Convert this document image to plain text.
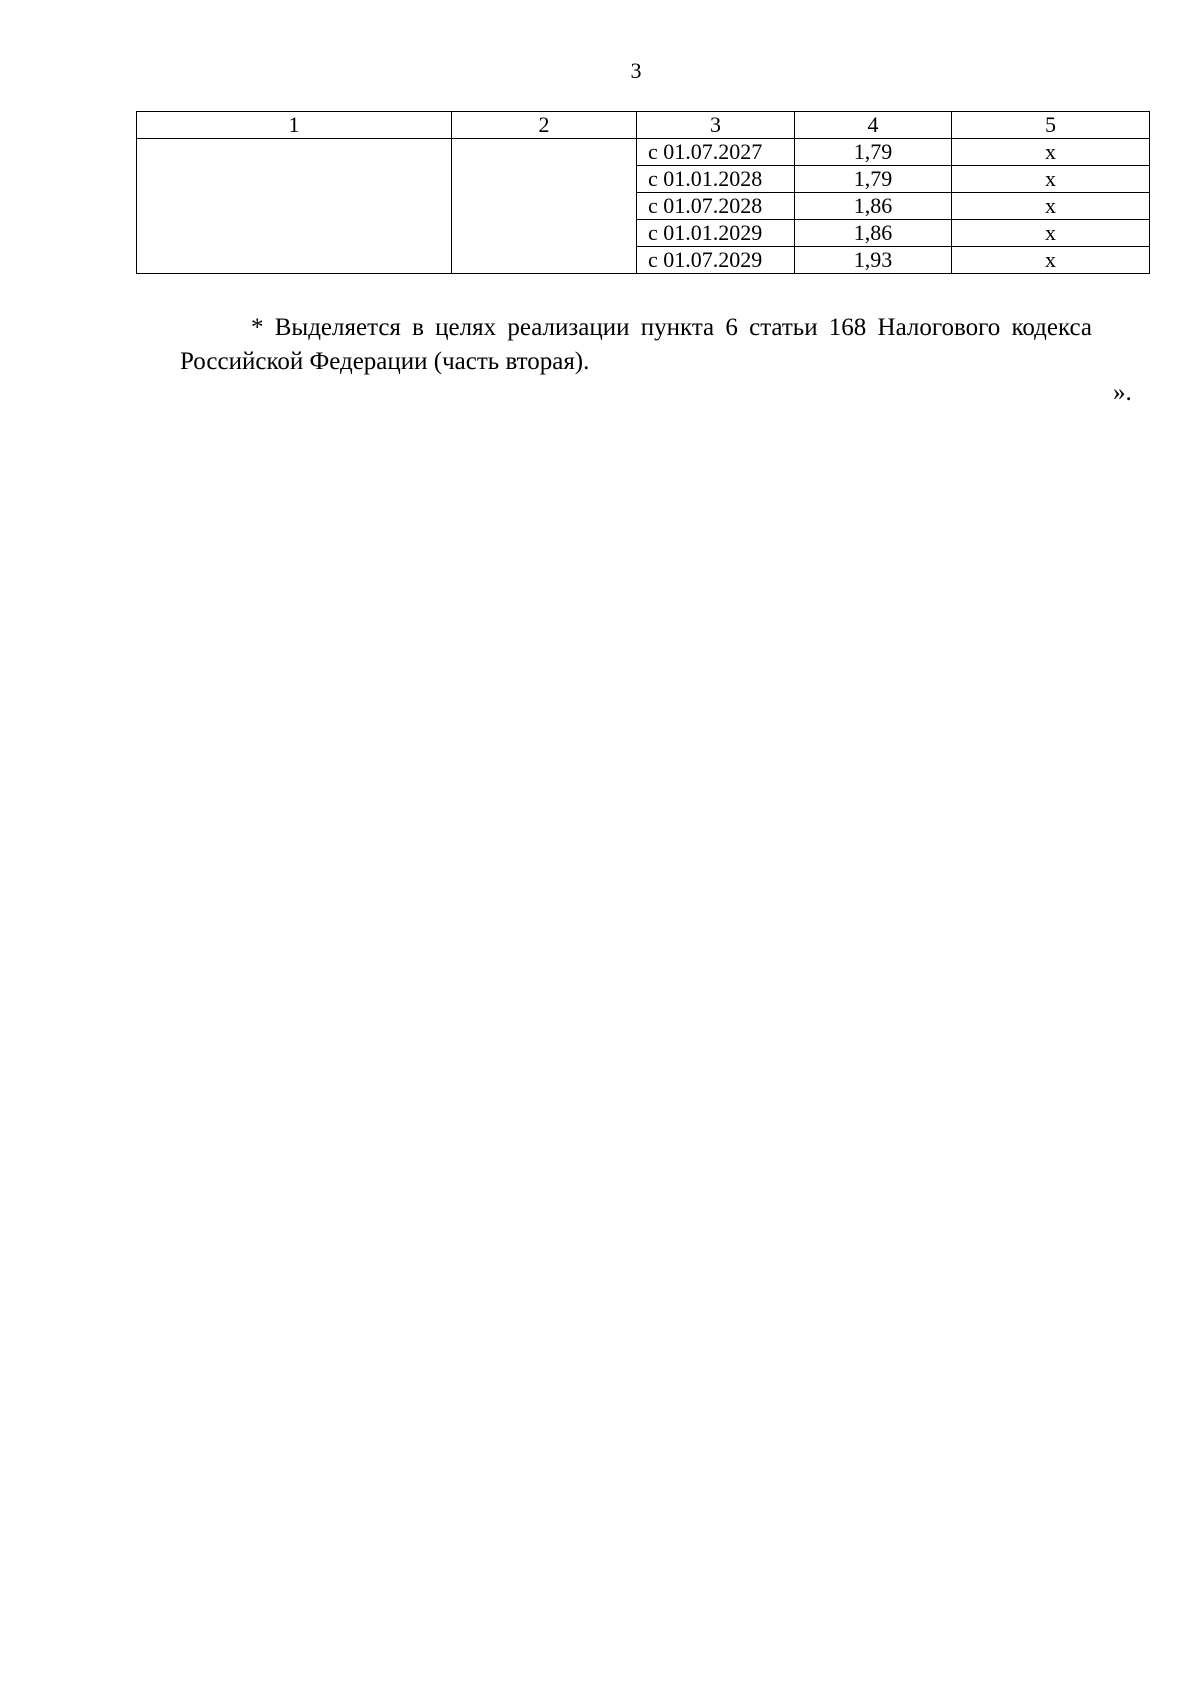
3
1	2	3	4	5
		с 01.07.2027	1,79	x
		с 01.01.2028	1,79	x
		с 01.07.2028	1,86	x
		с 01.01.2029	1,86	x
		с 01.07.2029	1,93	x

* Выделяется в целях реализации пункта 6 статьи 168 Налогового кодекса Российской Федерации (часть вторая).

».
